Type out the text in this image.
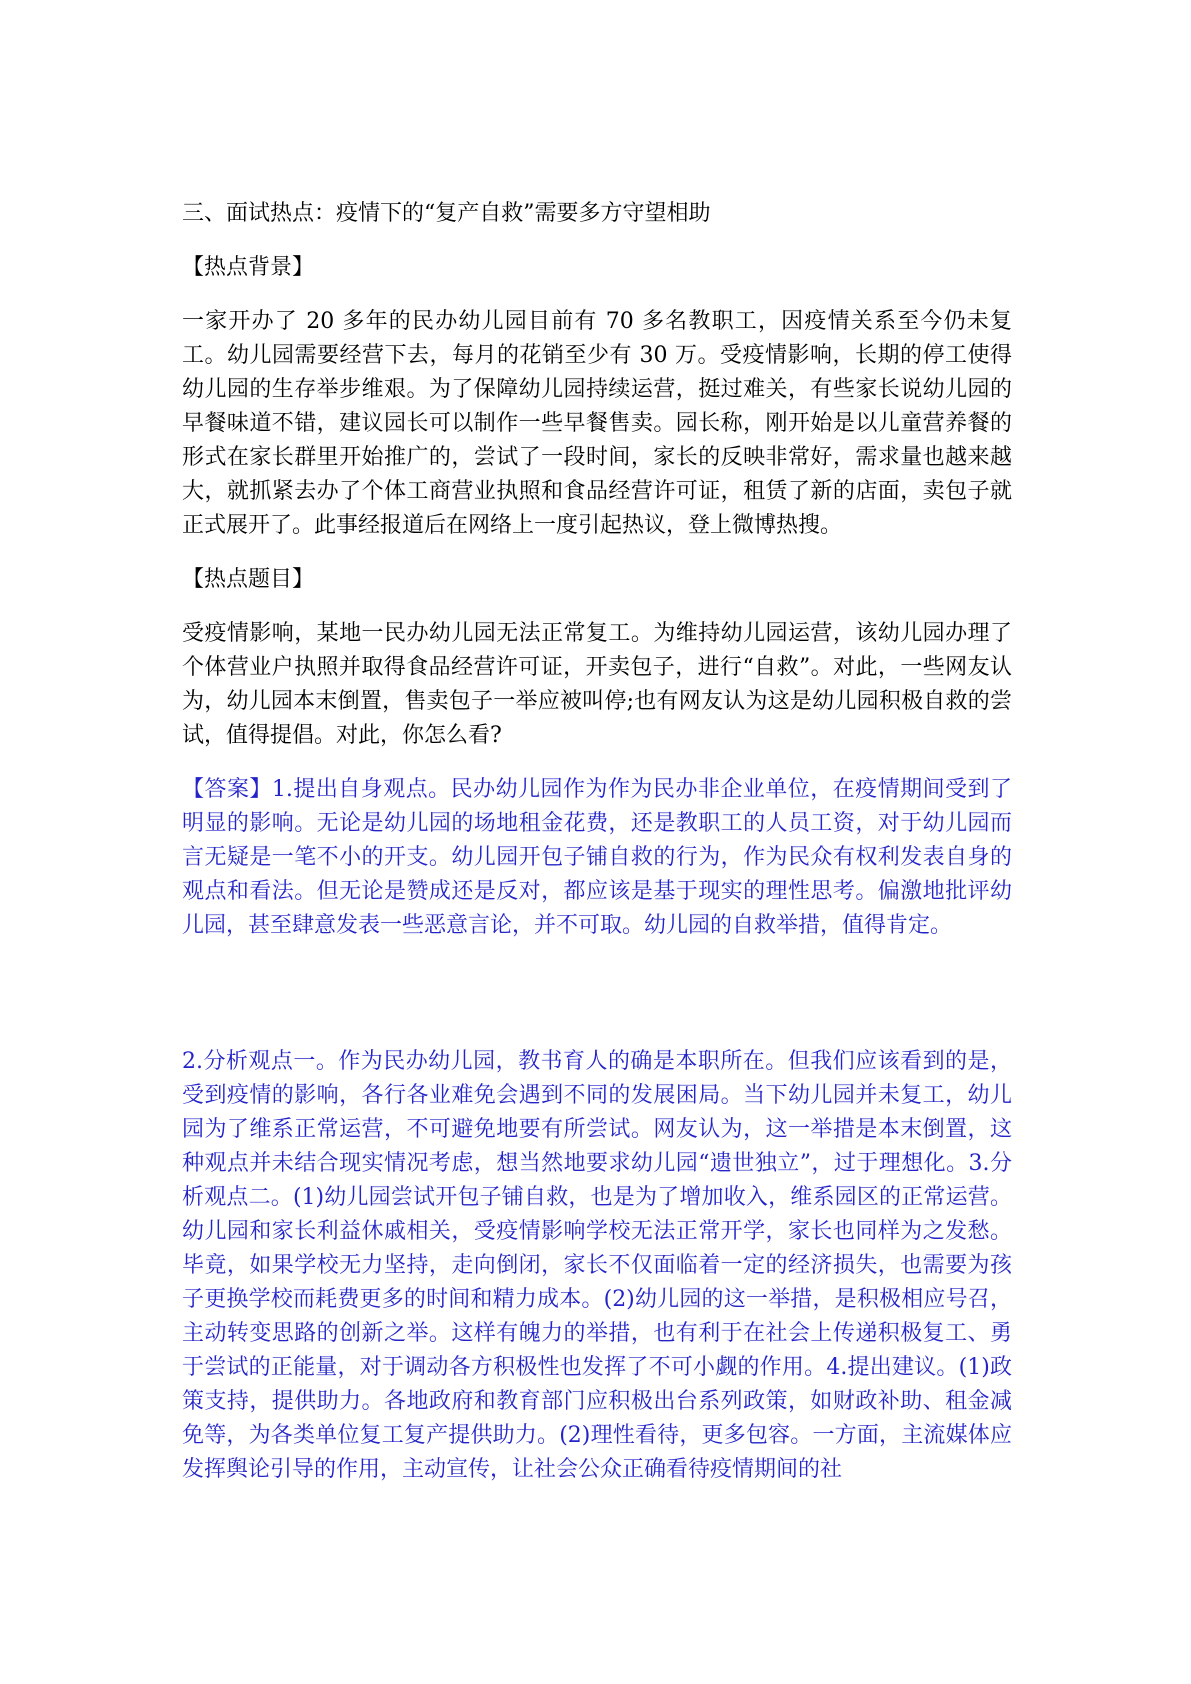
三、面试热点：疫情下的“复产自救”需要多方守望相助

【热点背景】

一家开办了 20 多年的民办幼儿园目前有 70 多名教职工，因疫情关系至今仍未复工。幼儿园需要经营下去，每月的花销至少有 30 万。受疫情影响，长期的停工使得幼儿园的生存举步维艰。为了保障幼儿园持续运营，挺过难关，有些家长说幼儿园的早餐味道不错，建议园长可以制作一些早餐售卖。园长称，刚开始是以儿童营养餐的形式在家长群里开始推广的，尝试了一段时间，家长的反映非常好，需求量也越来越大，就抓紧去办了个体工商营业执照和食品经营许可证，租赁了新的店面，卖包子就正式展开了。此事经报道后在网络上一度引起热议，登上微博热搜。

【热点题目】

受疫情影响，某地一民办幼儿园无法正常复工。为维持幼儿园运营，该幼儿园办理了个体营业户执照并取得食品经营许可证，开卖包子，进行“自救”。对此，一些网友认为，幼儿园本末倒置，售卖包子一举应被叫停;也有网友认为这是幼儿园积极自救的尝试，值得提倡。对此，你怎么看?

【答案】1.提出自身观点。民办幼儿园作为作为民办非企业单位，在疫情期间受到了明显的影响。无论是幼儿园的场地租金花费，还是教职工的人员工资，对于幼儿园而言无疑是一笔不小的开支。幼儿园开包子铺自救的行为，作为民众有权利发表自身的观点和看法。但无论是赞成还是反对，都应该是基于现实的理性思考。偏激地批评幼儿园，甚至肆意发表一些恶意言论，并不可取。幼儿园的自救举措，值得肯定。

2.分析观点一。作为民办幼儿园，教书育人的确是本职所在。但我们应该看到的是，受到疫情的影响，各行各业难免会遇到不同的发展困局。当下幼儿园并未复工，幼儿园为了维系正常运营，不可避免地要有所尝试。网友认为，这一举措是本末倒置，这种观点并未结合现实情况考虑，想当然地要求幼儿园“遗世独立”，过于理想化。3.分析观点二。(1)幼儿园尝试开包子铺自救，也是为了增加收入，维系园区的正常运营。幼儿园和家长利益休戚相关，受疫情影响学校无法正常开学，家长也同样为之发愁。毕竟，如果学校无力坚持，走向倒闭，家长不仅面临着一定的经济损失，也需要为孩子更换学校而耗费更多的时间和精力成本。(2)幼儿园的这一举措，是积极相应号召，主动转变思路的创新之举。这样有魄力的举措，也有利于在社会上传递积极复工、勇于尝试的正能量，对于调动各方积极性也发挥了不可小觑的作用。4.提出建议。(1)政策支持，提供助力。各地政府和教育部门应积极出台系列政策，如财政补助、租金减免等，为各类单位复工复产提供助力。(2)理性看待，更多包容。一方面，主流媒体应发挥舆论引导的作用，主动宣传，让社会公众正确看待疫情期间的社
